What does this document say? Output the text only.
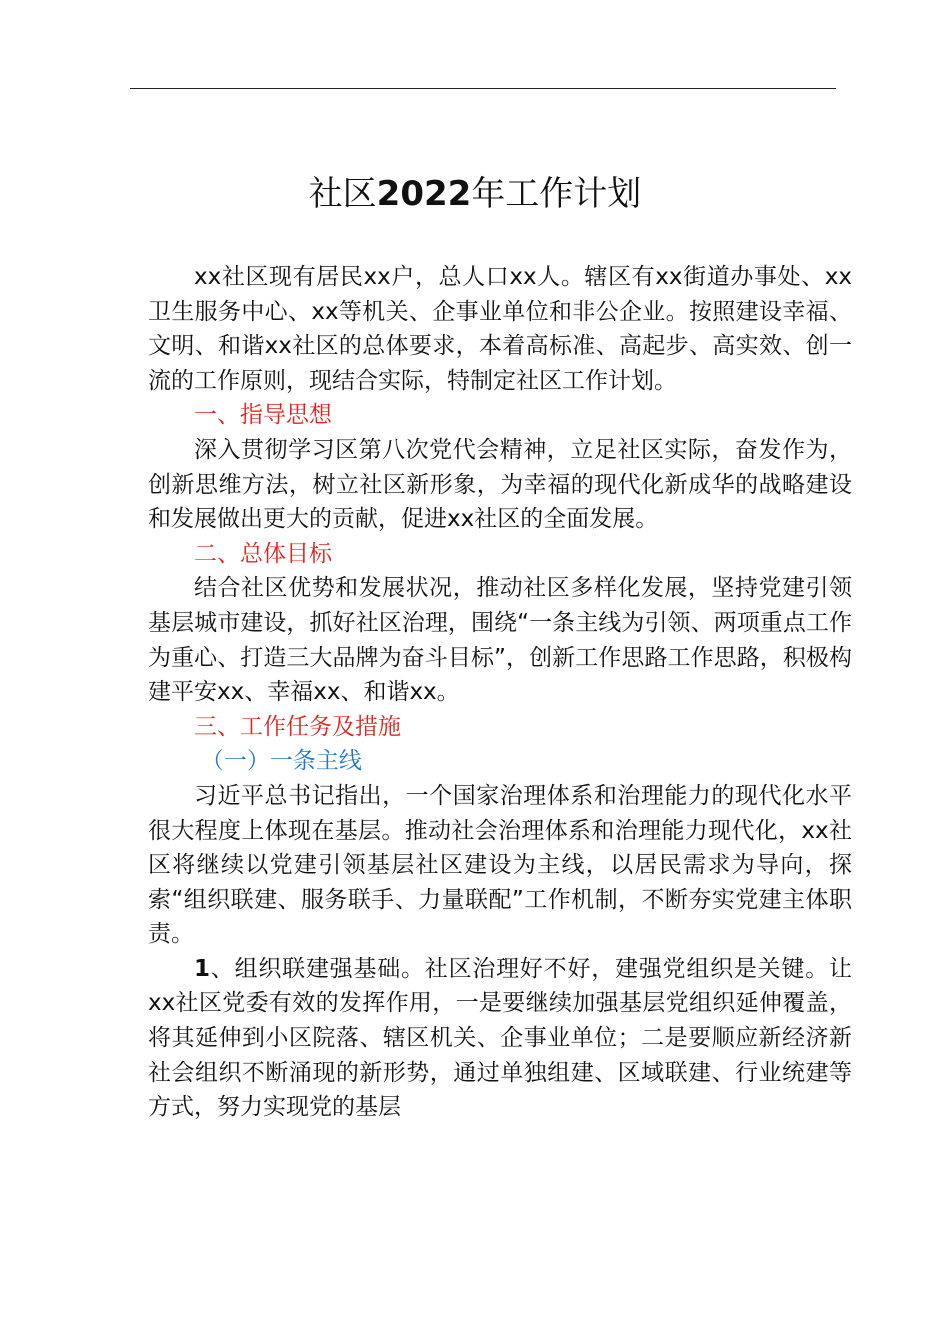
社区2022年工作计划

xx社区现有居民xx户，总人口xx人。辖区有xx街道办事处、xx卫生服务中心、xx等机关、企事业单位和非公企业。按照建设幸福、文明、和谐xx社区的总体要求，本着高标准、高起步、高实效、创一流的工作原则，现结合实际，特制定社区工作计划。

一、指导思想

深入贯彻学习区第八次党代会精神，立足社区实际，奋发作为，创新思维方法，树立社区新形象，为幸福的现代化新成华的战略建设和发展做出更大的贡献，促进xx社区的全面发展。

二、总体目标

结合社区优势和发展状况，推动社区多样化发展，坚持党建引领基层城市建设，抓好社区治理，围绕“一条主线为引领、两项重点工作为重心、打造三大品牌为奋斗目标”，创新工作思路工作思路，积极构建平安xx、幸福xx、和谐xx。

三、工作任务及措施

（一）一条主线

习近平总书记指出，一个国家治理体系和治理能力的现代化水平很大程度上体现在基层。推动社会治理体系和治理能力现代化，xx社区将继续以党建引领基层社区建设为主线，以居民需求为导向，探索“组织联建、服务联手、力量联配”工作机制，不断夯实党建主体职责。

1、组织联建强基础。社区治理好不好，建强党组织是关键。让xx社区党委有效的发挥作用，一是要继续加强基层党组织延伸覆盖，将其延伸到小区院落、辖区机关、企事业单位；二是要顺应新经济新社会组织不断涌现的新形势，通过单独组建、区域联建、行业统建等方式，努力实现党的基层
